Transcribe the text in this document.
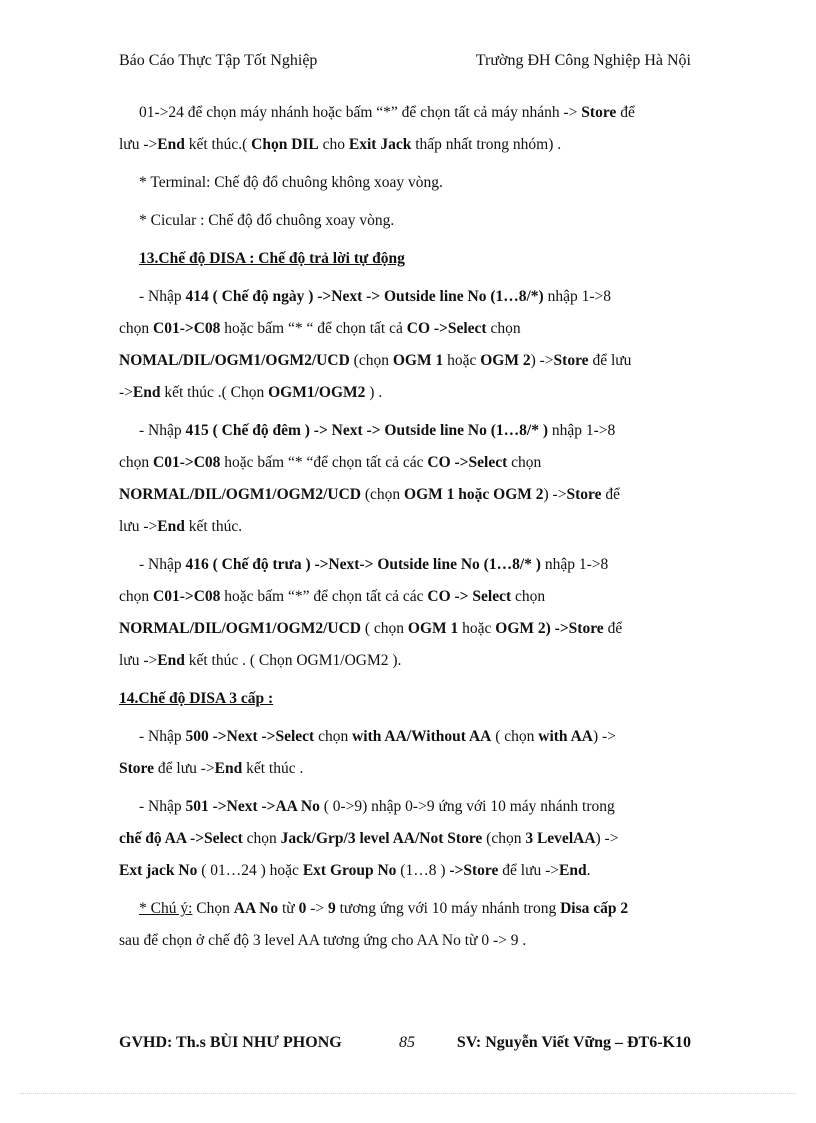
Báo Cáo Thực Tập Tốt Nghiệp	Trường ĐH Công Nghiệp Hà Nội

01->24 để chọn máy nhánh hoặc bấm “*” để chọn tất cả máy nhánh -> Store để
lưu ->End kết thúc.( Chọn DIL cho Exit Jack thấp nhất trong nhóm) .

* Terminal: Chế độ đổ chuông không xoay vòng.

* Cicular : Chế độ đổ chuông xoay vòng.

13.Chế độ DISA : Chế độ trả lời tự động

- Nhập 414 ( Chế độ ngày ) ->Next -> Outside line No (1…8/*) nhập 1->8
chọn C01->C08 hoặc bấm “* “ để chọn tất cả CO ->Select chọn
NOMAL/DIL/OGM1/OGM2/UCD (chọn OGM 1 hoặc OGM 2) ->Store để lưu
->End kết thúc .( Chọn OGM1/OGM2 ) .

- Nhập 415 ( Chế độ đêm ) -> Next -> Outside line No (1…8/* ) nhập 1->8
chọn C01->C08 hoặc bấm “* “để chọn tất cả các CO ->Select chọn
NORMAL/DIL/OGM1/OGM2/UCD (chọn OGM 1 hoặc OGM 2) ->Store để
lưu ->End kết thúc.

- Nhập 416 ( Chế độ trưa ) ->Next-> Outside line No (1…8/* ) nhập 1->8
chọn C01->C08 hoặc bấm “*” để chọn tất cả các CO -> Select chọn
NORMAL/DIL/OGM1/OGM2/UCD ( chọn OGM 1 hoặc OGM 2) ->Store để
lưu ->End kết thúc . ( Chọn OGM1/OGM2 ).

14.Chế độ DISA 3 cấp :

- Nhập 500 ->Next ->Select chọn with AA/Without AA ( chọn with AA) ->
Store để lưu ->End kết thúc .

- Nhập 501 ->Next ->AA No ( 0->9) nhập 0->9 ứng với 10 máy nhánh trong
chế độ AA ->Select chọn Jack/Grp/3 level AA/Not Store (chọn 3 LevelAA) ->
Ext jack No ( 01…24 ) hoặc Ext Group No (1…8 ) ->Store để lưu ->End.

* Chú ý: Chọn AA No từ 0 -> 9 tương ứng với 10 máy nhánh trong Disa cấp 2
sau để chọn ở chế độ 3 level AA tương ứng cho AA No từ 0 -> 9 .

GVHD: Th.s BÙI NHƯ PHONG	85	SV: Nguyễn Viết Vững – ĐT6-K10
